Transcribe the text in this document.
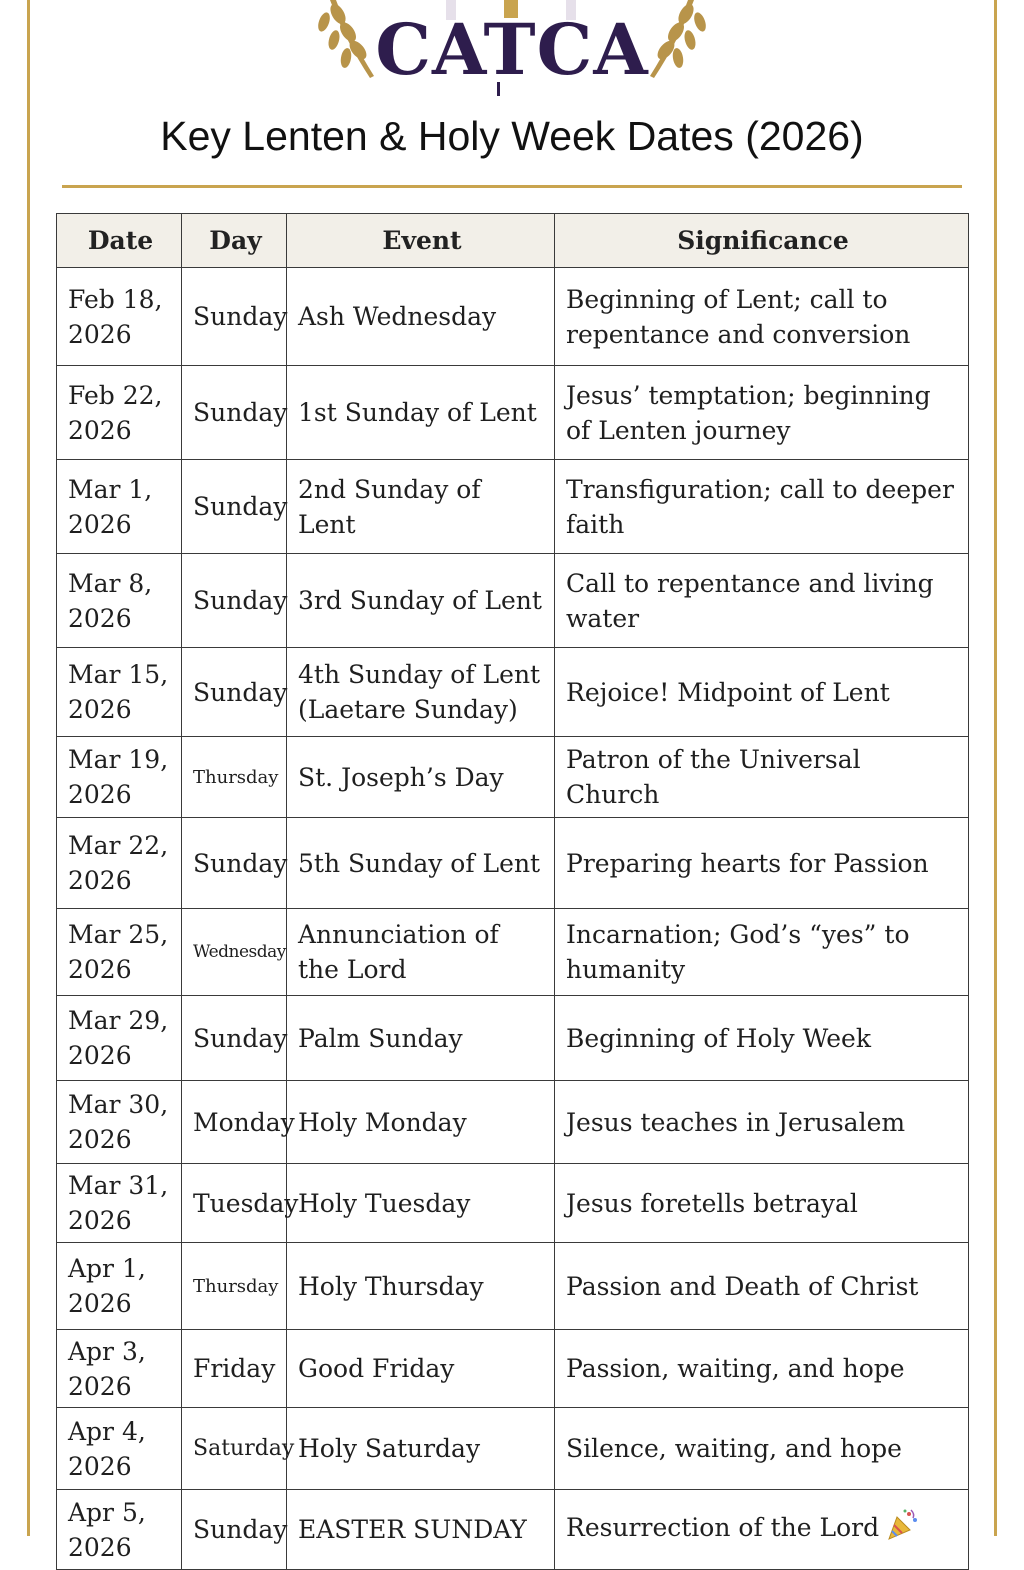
CATCA
Key Lenten & Holy Week Dates (2026)
Date	Day	Event	Significance
Feb 18, 2026	Sunday	Ash Wednesday	Beginning of Lent; call to repentance and conversion
Feb 22, 2026	Sunday	1st Sunday of Lent	Jesus’ temptation; beginning of Lenten journey
Mar 1, 2026	Sunday	2nd Sunday of Lent	Transfiguration; call to deeper faith
Mar 8, 2026	Sunday	3rd Sunday of Lent	Call to repentance and living water
Mar 15, 2026	Sunday	4th Sunday of Lent (Laetare Sunday)	Rejoice! Midpoint of Lent
Mar 19, 2026	Thursday	St. Joseph’s Day	Patron of the Universal Church
Mar 22, 2026	Sunday	5th Sunday of Lent	Preparing hearts for Passion
Mar 25, 2026	Wednesday	Annunciation of the Lord	Incarnation; God’s “yes” to humanity
Mar 29, 2026	Sunday	Palm Sunday	Beginning of Holy Week
Mar 30, 2026	Monday	Holy Monday	Jesus teaches in Jerusalem
Mar 31, 2026	Tuesday	Holy Tuesday	Jesus foretells betrayal
Apr 1, 2026	Thursday	Holy Thursday	Passion and Death of Christ
Apr 3, 2026	Friday	Good Friday	Passion, waiting, and hope
Apr 4, 2026	Saturday	Holy Saturday	Silence, waiting, and hope
Apr 5, 2026	Sunday	EASTER SUNDAY	Resurrection of the Lord
